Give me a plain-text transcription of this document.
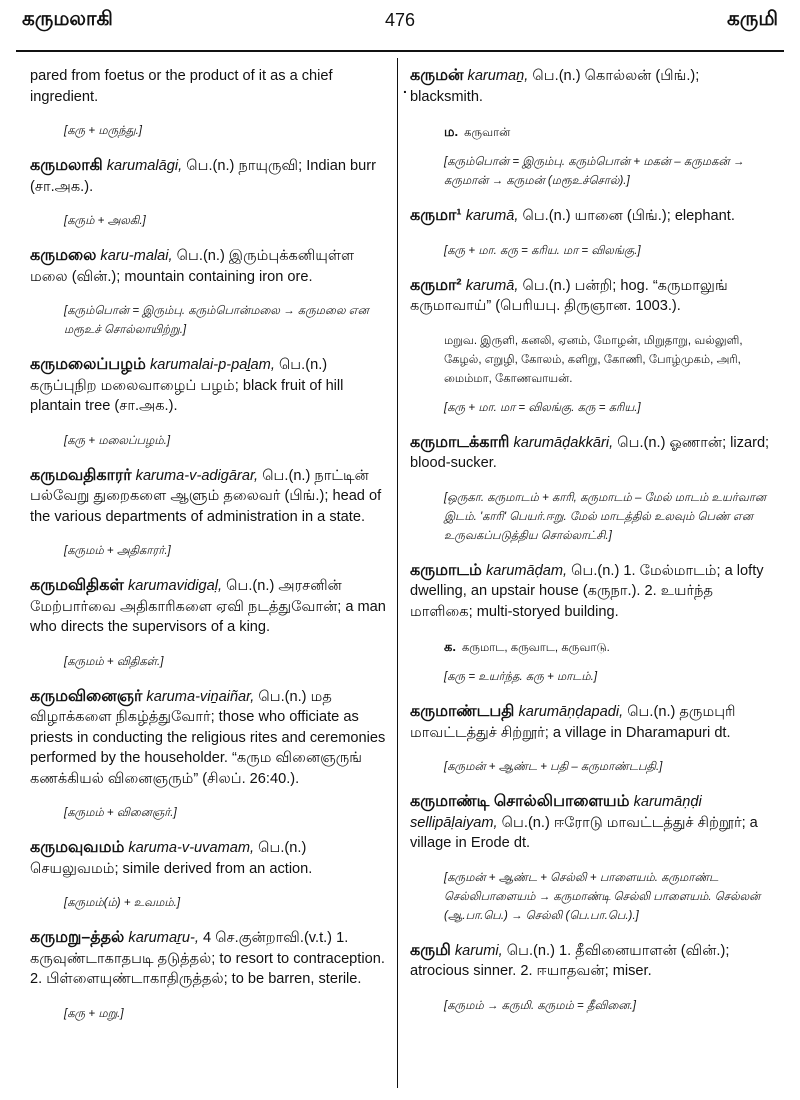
கருமலாகி	476	கருமி
.
pared from foetus or the product of it as a chief ingredient.
[கரு + மருந்து.]
கருமலாகி karumalāgi, பெ.(n.) நாயுருவி; Indian burr (சா.அக.).
[கரும் + அலகி.]
கருமலை karu-malai, பெ.(n.) இரும்புக்கனியுள்ள மலை (வின்.); mountain containing iron ore.
[கரும்பொன் = இரும்பு. கரும்பொன்மலை → கருமலை என மரூஉச் சொல்லாயிற்று.]
கருமலைப்பழம் karumalai-p-paḻam, பெ.(n.) கருப்புநிற மலைவாழைப் பழம்; black fruit of hill plantain tree (சா.அக.).
[கரு + மலைப்பழம்.]
கருமவதிகாரர் karuma-v-adigārar, பெ.(n.) நாட்டின் பல்வேறு துறைகளை ஆளும் தலைவர் (பிங்.); head of the various departments of administration in a state.
[கருமம் + அதிகாரர்.]
கருமவிதிகள் karumavidigaḷ, பெ.(n.) அரசனின் மேற்பார்வை அதிகாரிகளை ஏவி நடத்துவோன்; a man who directs the supervisors of a king.
[கருமம் + விதிகள்.]
கருமவினைஞர் karuma-viṉaiñar, பெ.(n.) மத விழாக்களை நிகழ்த்துவோர்; those who officiate as priests in conducting the religious rites and ceremonies performed by the householder. “கரும வினைஞருங் கணக்கியல் வினைஞரும்” (சிலப். 26:40.).
[கருமம் + வினைஞர்.]
கருமவுவமம் karuma-v-uvamam, பெ.(n.) செயலுவமம்; simile derived from an action.
[கருமம்(ம்) + உவமம்.]
கருமறு–த்தல் karumaṟu-, 4 செ.குன்றாவி.(v.t.) 1. கருவுண்டாகாதபடி தடுத்தல்; to resort to contraception. 2. பிள்ளையுண்டாகாதிருத்தல்; to be barren, sterile.
[கரு + மறு.]
கருமன் karumaṉ, பெ.(n.) கொல்லன் (பிங்.); blacksmith.
ம. கருவான்
[கரும்பொன் = இரும்பு. கரும்பொன் + மகன் – கருமகன் → கருமான் → கருமன் (மரூஉச்சொல்).]
கருமா¹ karumā, பெ.(n.) யானை (பிங்.); elephant.
[கரு + மா. கரு = கரிய. மா = விலங்கு.]
கருமா² karumā, பெ.(n.) பன்றி; hog. “கருமாலுங் கருமாவாய்” (பெரியபு. திருஞான. 1003.).
மறுவ. இருளி, கனலி, ஏனம், மோழன், மிறுதாறு, வல்லுளி, கேழல், எறுழி, கோலம், களிறு, கோணி, போழ்முகம், அரி, மைம்மா, கோணவாயன்.
[கரு + மா. மா = விலங்கு. கரு = கரிய.]
கருமாடக்காரி karumāḍakkāri, பெ.(n.) ஓணான்; lizard; blood-sucker.
[ஒருகா. கருமாடம் + காரி, கருமாடம் – மேல் மாடம் உயர்வான இடம். 'காரி' பெயர்.ஈறு. மேல் மாடத்தில் உலவும் பெண் என உருவகப்படுத்திய சொல்லாட்சி.]
கருமாடம் karumāḍam, பெ.(n.) 1. மேல்மாடம்; a lofty dwelling, an upstair house (கருநா.). 2. உயர்ந்த மாளிகை; multi-storyed building.
க. கருமாட, கருவாட, கருவாடு.
[கரு = உயர்ந்த. கரு + மாடம்.]
கருமாண்டபதி karumāṇḍapadi, பெ.(n.) தருமபுரி மாவட்டத்துச் சிற்றூர்; a village in Dharamapuri dt.
[கருமன் + ஆண்ட + பதி – கருமாண்டபதி.]
கருமாண்டி சொல்லிபாளையம் karumāṇḍi sellipāḷaiyam, பெ.(n.) ஈரோடு மாவட்டத்துச் சிற்றூர்; a village in Erode dt.
[கருமன் + ஆண்ட + செல்லி + பாளையம். கருமாண்ட செல்லிபாளையம் → கருமாண்டி செல்லி பாளையம். செல்லன் (ஆ.பா.பெ.) → செல்லி (பெ.பா.பெ.).]
கருமி karumi, பெ.(n.) 1. தீவினையாளன் (வின்.); atrocious sinner. 2. ஈயாதவன்; miser.
[கருமம் → கருமி. கருமம் = தீவினை.]
